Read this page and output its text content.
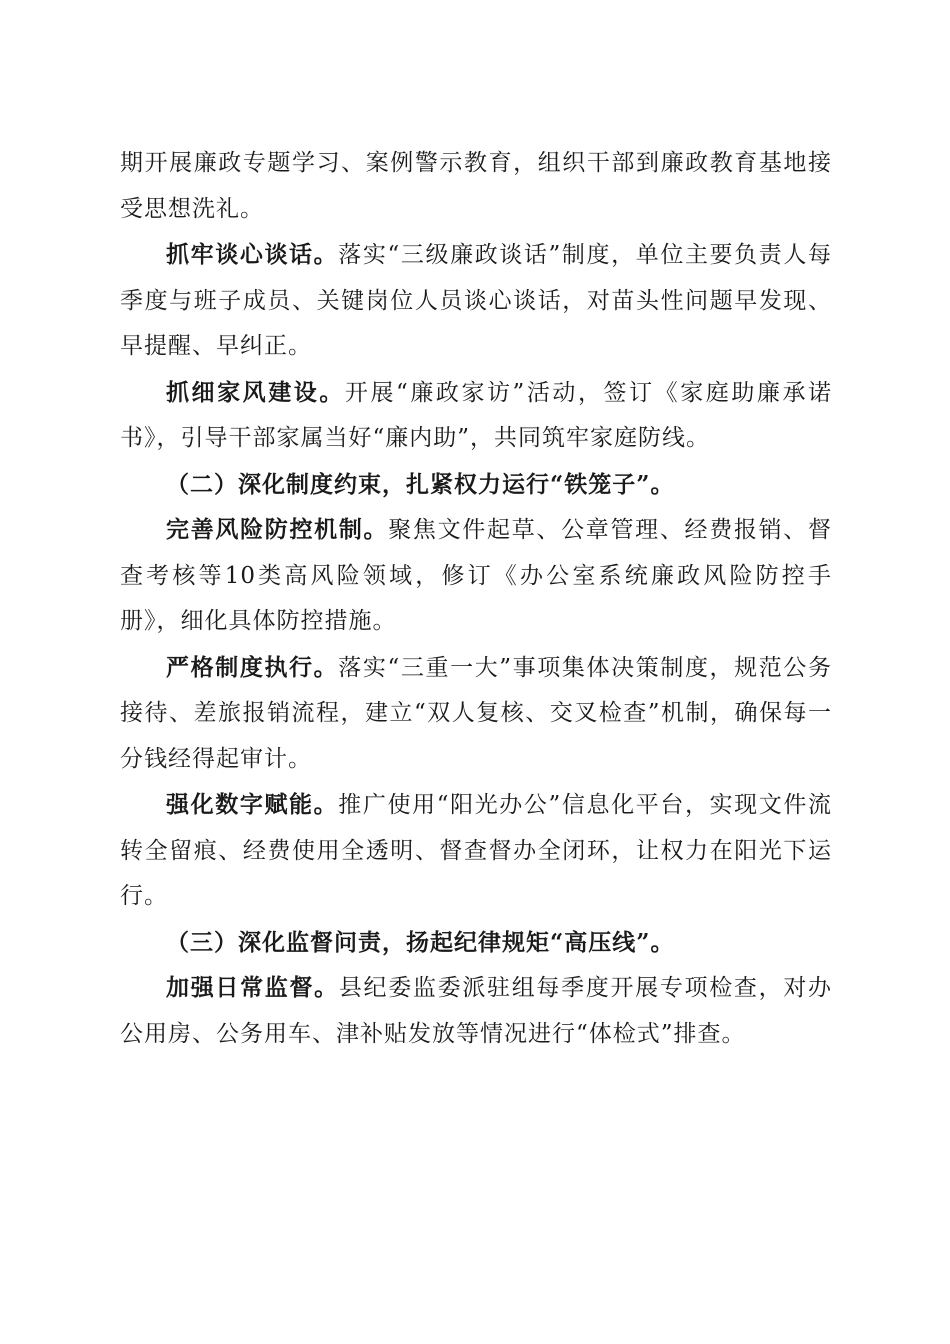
期开展廉政专题学习、案例警示教育，组织干部到廉政教育基地接受思想洗礼。

抓牢谈心谈话。落实“三级廉政谈话”制度，单位主要负责人每季度与班子成员、关键岗位人员谈心谈话，对苗头性问题早发现、早提醒、早纠正。

抓细家风建设。开展“廉政家访”活动，签订《家庭助廉承诺书》，引导干部家属当好“廉内助”，共同筑牢家庭防线。

（二）深化制度约束，扎紧权力运行“铁笼子”。

完善风险防控机制。聚焦文件起草、公章管理、经费报销、督查考核等10类高风险领域，修订《办公室系统廉政风险防控手册》，细化具体防控措施。

严格制度执行。落实“三重一大”事项集体决策制度，规范公务接待、差旅报销流程，建立“双人复核、交叉检查”机制，确保每一分钱经得起审计。

强化数字赋能。推广使用“阳光办公”信息化平台，实现文件流转全留痕、经费使用全透明、督查督办全闭环，让权力在阳光下运行。

（三）深化监督问责，扬起纪律规矩“高压线”。

加强日常监督。县纪委监委派驻组每季度开展专项检查，对办公用房、公务用车、津补贴发放等情况进行“体检式”排查。
